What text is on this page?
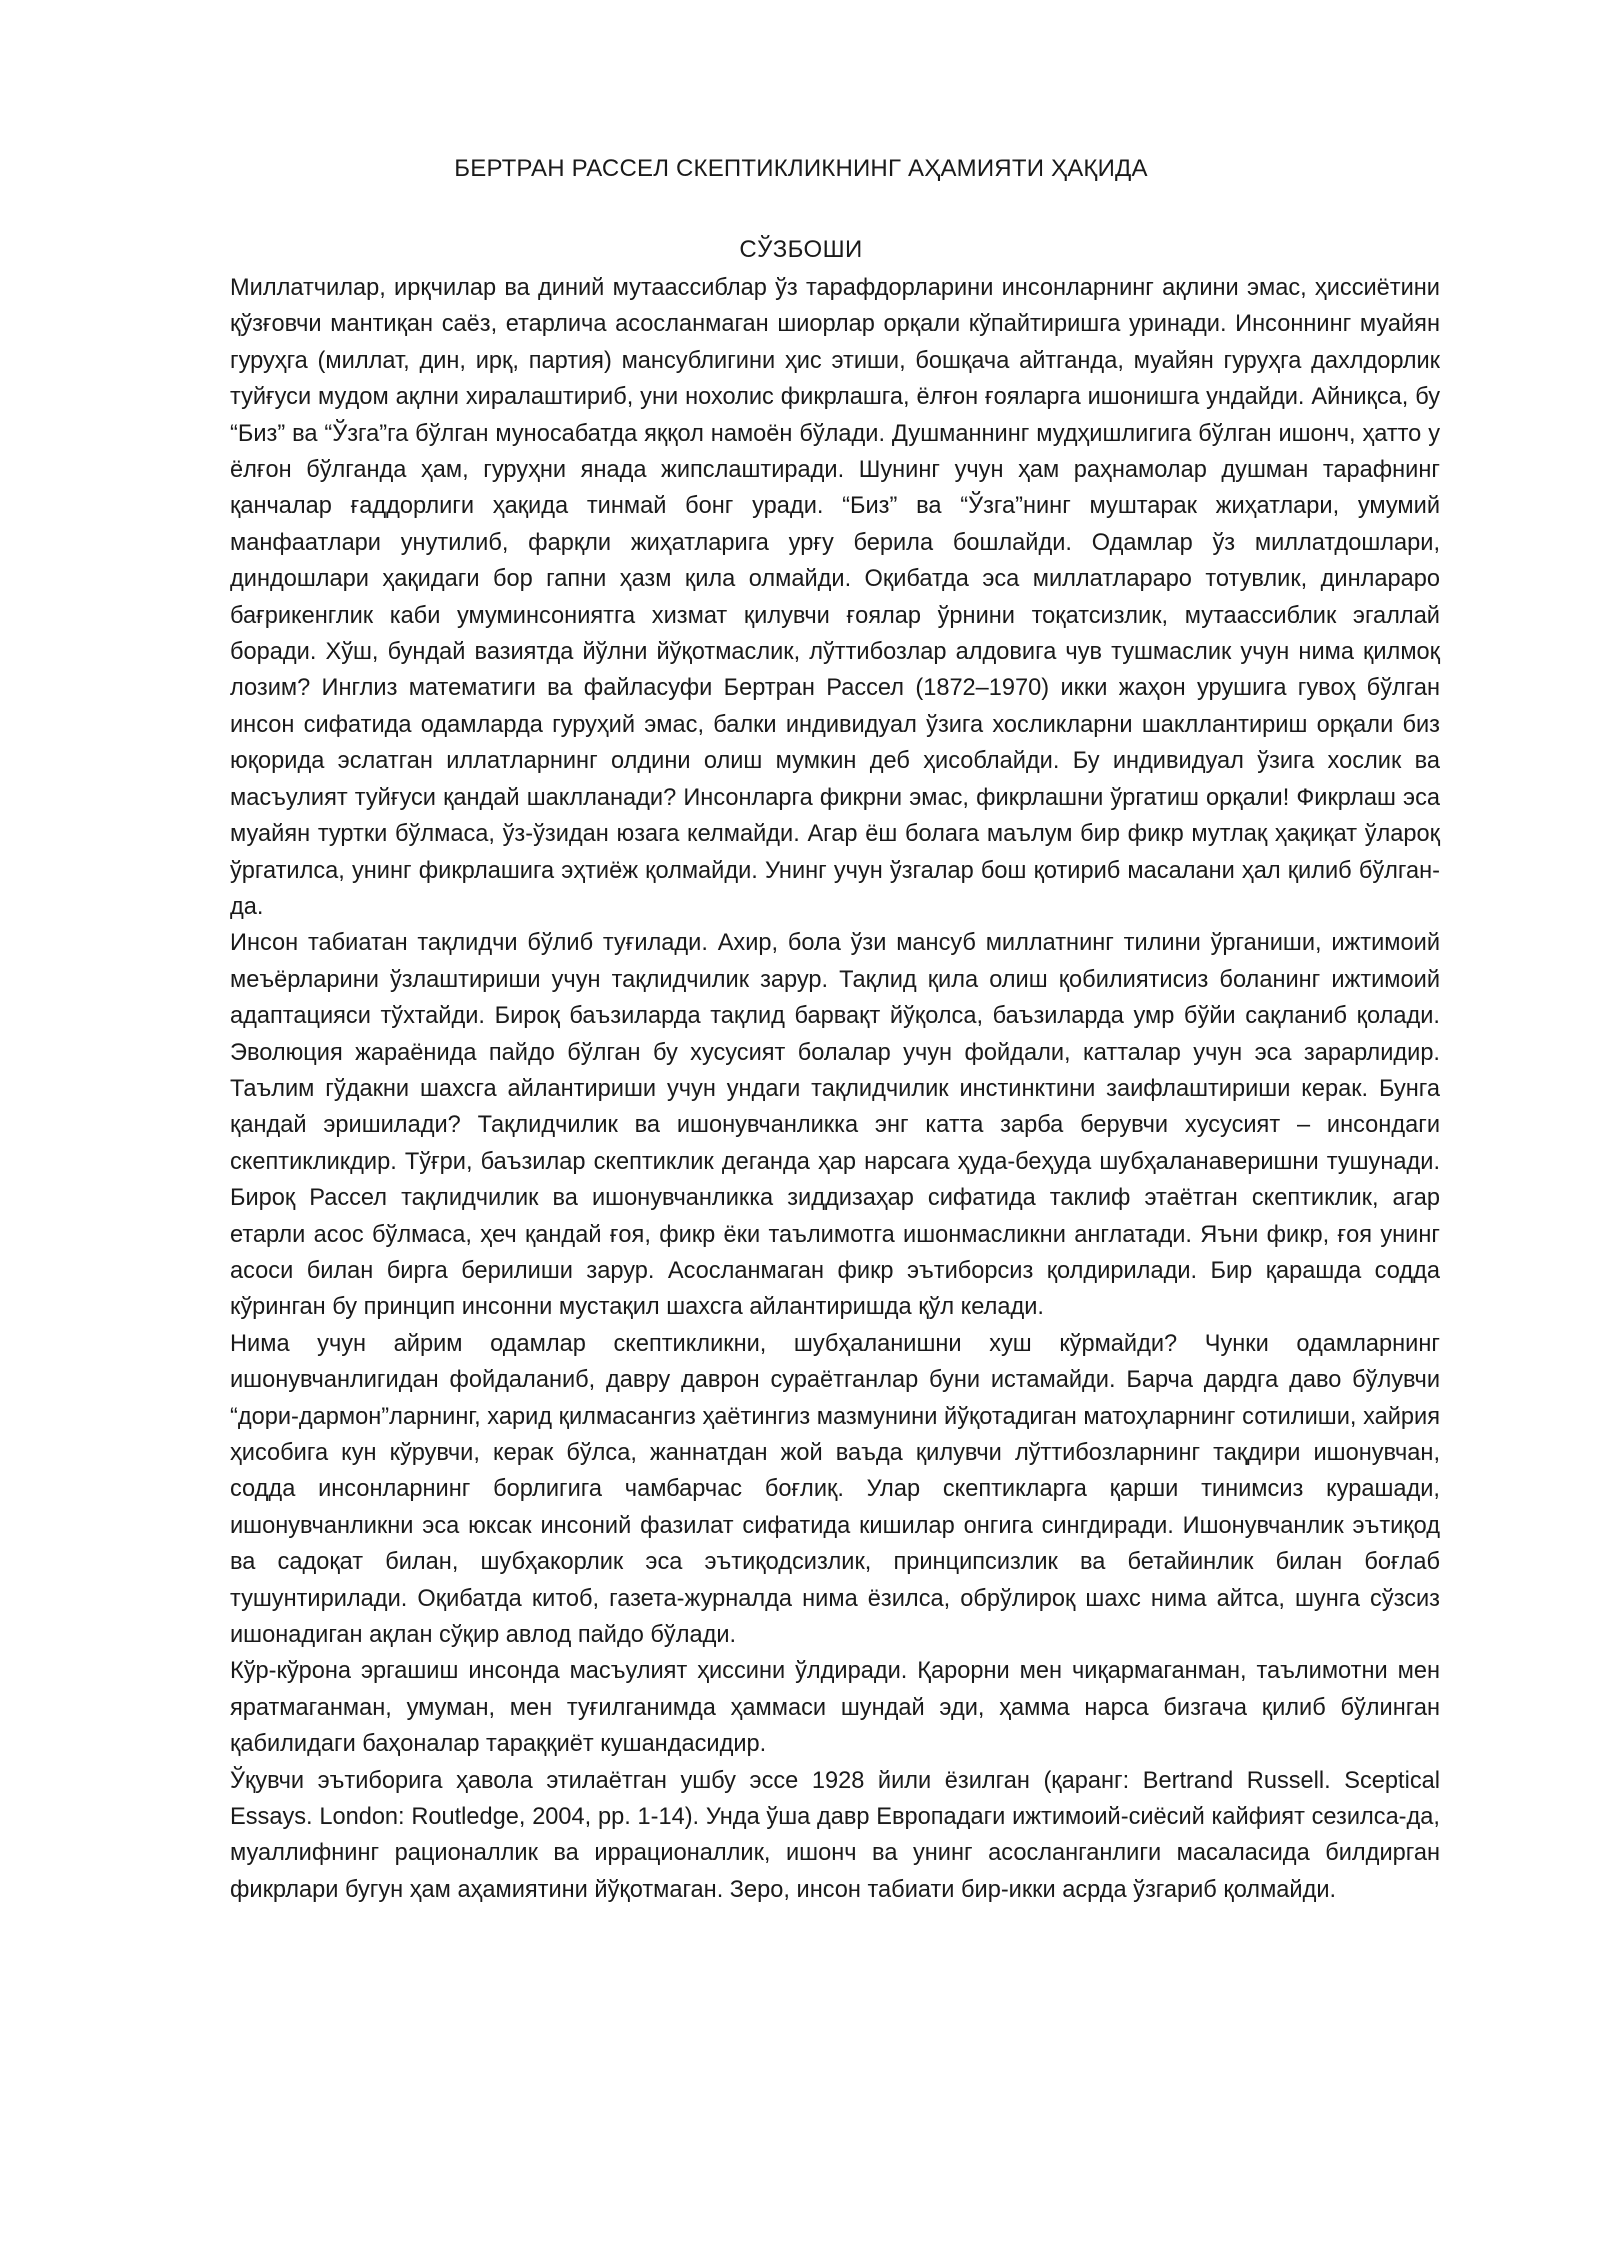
БЕРТРАН РАССЕЛ СКЕПТИКЛИКНИНГ АҲАМИЯТИ ҲАҚИДА
СЎЗБОШИ

Миллатчилар, ирқчилар ва диний мутаассиблар ўз тарафдорларини инсонларнинг ақлини эмас, ҳиссиётини қўзғовчи мантиқан саёз, етарлича асосланмаган шиорлар орқали кўпайтиришга уринади. Инсоннинг муайян гуруҳга (миллат, дин, ирқ, партия) мансублигини ҳис этиши, бошқача айтганда, муайян гуруҳга дахлдорлик туйғуси мудом ақлни хиралаштириб, уни нохолис фикрлашга, ёлғон ғояларга ишонишга ундайди. Айниқса, бу “Биз” ва “Ўзга”га бўлган муносабатда яққол намоён бўлади. Душманнинг мудҳишлигига бўлган ишонч, ҳатто у ёлғон бўлганда ҳам, гуруҳни янада жипслаштиради. Шунинг учун ҳам раҳнамолар душман тарафнинг қанчалар ғаддорлиги ҳақида тинмай бонг уради. “Биз” ва “Ўзга”нинг муштарак жиҳатлари, умумий манфаатлари унутилиб, фарқли жиҳатларига урғу берила бошлайди. Одамлар ўз миллатдошлари, диндошлари ҳақидаги бор гапни ҳазм қила олмайди. Оқибатда эса миллатлараро тотувлик, динлараро бағрикенглик каби умуминсониятга хизмат қилувчи ғоялар ўрнини тоқатсизлик, мутаассиблик эгаллай боради. Хўш, бундай вазиятда йўлни йўқотмаслик, лўттибозлар алдовига чув тушмаслик учун нима қилмоқ лозим? Инглиз математиги ва файласуфи Бертран Рассел (1872–1970) икки жаҳон урушига гувоҳ бўлган инсон сифатида одамларда гуруҳий эмас, балки индивидуал ўзига хосликларни шакллантириш орқали биз юқорида эслатган иллатларнинг олдини олиш мумкин деб ҳисоблайди. Бу индивидуал ўзига хослик ва масъулият туйғуси қандай шаклланади? Инсонларга фикрни эмас, фикрлашни ўргатиш орқали! Фикрлаш эса муайян туртки бўлмаса, ўз-ўзидан юзага келмайди. Агар ёш болага маълум бир фикр мутлақ ҳақиқат ўлароқ ўргатилса, унинг фикрлашига эҳтиёж қолмайди. Унинг учун ўзгалар бош қотириб масалани ҳал қилиб бўлган-да.

Инсон табиатан тақлидчи бўлиб туғилади. Ахир, бола ўзи мансуб миллатнинг тилини ўрганиши, ижтимоий меъёрларини ўзлаштириши учун тақлидчилик зарур. Тақлид қила олиш қобилиятисиз боланинг ижтимоий адаптацияси тўхтайди. Бироқ баъзиларда тақлид барвақт йўқолса, баъзиларда умр бўйи сақланиб қолади. Эволюция жараёнида пайдо бўлган бу хусусият болалар учун фойдали, катталар учун эса зарарлидир. Таълим гўдакни шахсга айлантириши учун ундаги тақлидчилик инстинктини заифлаштириши керак. Бунга қандай эришилади? Тақлидчилик ва ишонувчанликка энг катта зарба берувчи хусусият – инсондаги скептикликдир. Тўғри, баъзилар скептиклик деганда ҳар нарсага ҳуда-беҳуда шубҳаланаверишни тушунади. Бироқ Рассел тақлидчилик ва ишонувчанликка зиддизаҳар сифатида таклиф этаётган скептиклик, агар етарли асос бўлмаса, ҳеч қандай ғоя, фикр ёки таълимотга ишонмасликни англатади. Яъни фикр, ғоя унинг асоси билан бирга берилиши зарур. Асосланмаган фикр эътиборсиз қолдирилади. Бир қарашда содда кўринган бу принцип инсонни мустақил шахсга айлантиришда қўл келади.

Нима учун айрим одамлар скептикликни, шубҳаланишни хуш кўрмайди? Чунки одамларнинг ишонувчанлигидан фойдаланиб, давру даврон сураётганлар буни истамайди. Барча дардга даво бўлувчи “дори-дармон”ларнинг, харид қилмасангиз ҳаётингиз мазмунини йўқотадиган матоҳларнинг сотилиши, хайрия ҳисобига кун кўрувчи, керак бўлса, жаннатдан жой ваъда қилувчи лўттибозларнинг тақдири ишонувчан, содда инсонларнинг борлигига чамбарчас боғлиқ. Улар скептикларга қарши тинимсиз курашади, ишонувчанликни эса юксак инсоний фазилат сифатида кишилар онгига сингдиради. Ишонувчанлик эътиқод ва садоқат билан, шубҳакорлик эса эътиқодсизлик, принципсизлик ва бетайинлик билан боғлаб тушунтирилади. Оқибатда китоб, газета-журналда нима ёзилса, обрўлироқ шахс нима айтса, шунга сўзсиз ишонадиган ақлан сўқир авлод пайдо бўлади.

Кўр-кўрона эргашиш инсонда масъулият ҳиссини ўлдиради. Қарорни мен чиқармаганман, таълимотни мен яратмаганман, умуман, мен туғилганимда ҳаммаси шундай эди, ҳамма нарса бизгача қилиб бўлинган қабилидаги баҳоналар тараққиёт кушандасидир.

Ўқувчи эътиборига ҳавола этилаётган ушбу эссе 1928 йили ёзилган (қаранг: Bertrand Russell. Sceptical Essays. London: Routledge, 2004, pp. 1-14). Унда ўша давр Европадаги ижтимоий-сиёсий кайфият сезилса-да, муаллифнинг рационаллик ва иррационаллик, ишонч ва унинг асосланганлиги масаласида билдирган фикрлари бугун ҳам аҳамиятини йўқотмаган. Зеро, инсон табиати бир-икки асрда ўзгариб қолмайди.
